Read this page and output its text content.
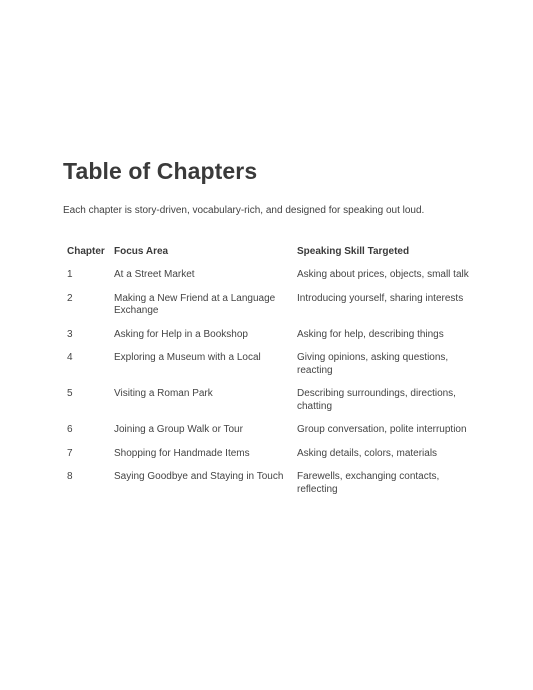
Table of Chapters

Each chapter is story-driven, vocabulary-rich, and designed for speaking out loud.

Chapter	Focus Area	Speaking Skill Targeted
1	At a Street Market	Asking about prices, objects, small talk
2	Making a New Friend at a Language Exchange	Introducing yourself, sharing interests
3	Asking for Help in a Bookshop	Asking for help, describing things
4	Exploring a Museum with a Local	Giving opinions, asking questions, reacting
5	Visiting a Roman Park	Describing surroundings, directions, chatting
6	Joining a Group Walk or Tour	Group conversation, polite interruption
7	Shopping for Handmade Items	Asking details, colors, materials
8	Saying Goodbye and Staying in Touch	Farewells, exchanging contacts, reflecting
